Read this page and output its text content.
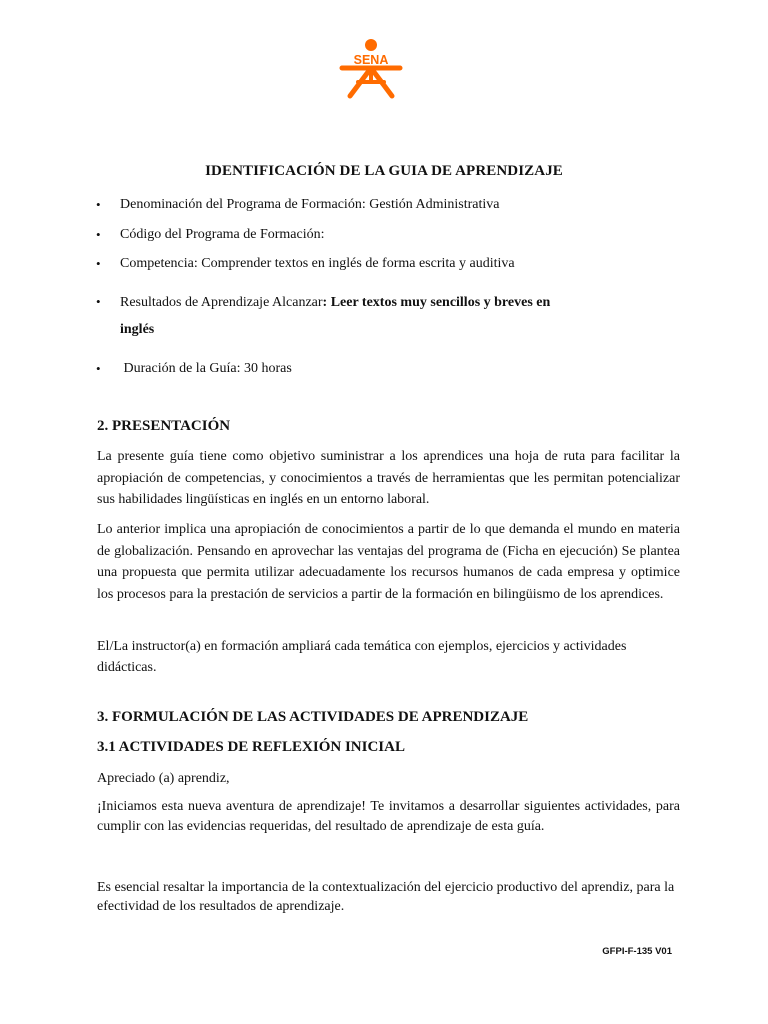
SENA
IDENTIFICACIÓN DE LA GUIA DE APRENDIZAJE
• Denominación del Programa de Formación: Gestión Administrativa
• Código del Programa de Formación:
• Competencia: Comprender textos en inglés de forma escrita y auditiva
• Resultados de Aprendizaje Alcanzar: Leer textos muy sencillos y breves en
inglés
• Duración de la Guía: 30 horas
2. PRESENTACIÓN
La presente guía tiene como objetivo suministrar a los aprendices una hoja de ruta para facilitar la apropiación de competencias, y conocimientos a través de herramientas que les permitan potencializar sus habilidades lingüísticas en inglés en un entorno laboral.
Lo anterior implica una apropiación de conocimientos a partir de lo que demanda el mundo en materia de globalización. Pensando en aprovechar las ventajas del programa de (Ficha en ejecución) Se plantea una propuesta que permita utilizar adecuadamente los recursos humanos de cada empresa y optimice los procesos para la prestación de servicios a partir de la formación en bilingüismo de los aprendices.
El/La instructor(a) en formación ampliará cada temática con ejemplos, ejercicios y actividades didácticas.
3. FORMULACIÓN DE LAS ACTIVIDADES DE APRENDIZAJE
3.1 ACTIVIDADES DE REFLEXIÓN INICIAL
Apreciado (a) aprendiz,
¡Iniciamos esta nueva aventura de aprendizaje! Te invitamos a desarrollar siguientes actividades, para cumplir con las evidencias requeridas, del resultado de aprendizaje de esta guía.
Es esencial resaltar la importancia de la contextualización del ejercicio productivo del aprendiz, para la efectividad de los resultados de aprendizaje.
GFPI-F-135 V01
